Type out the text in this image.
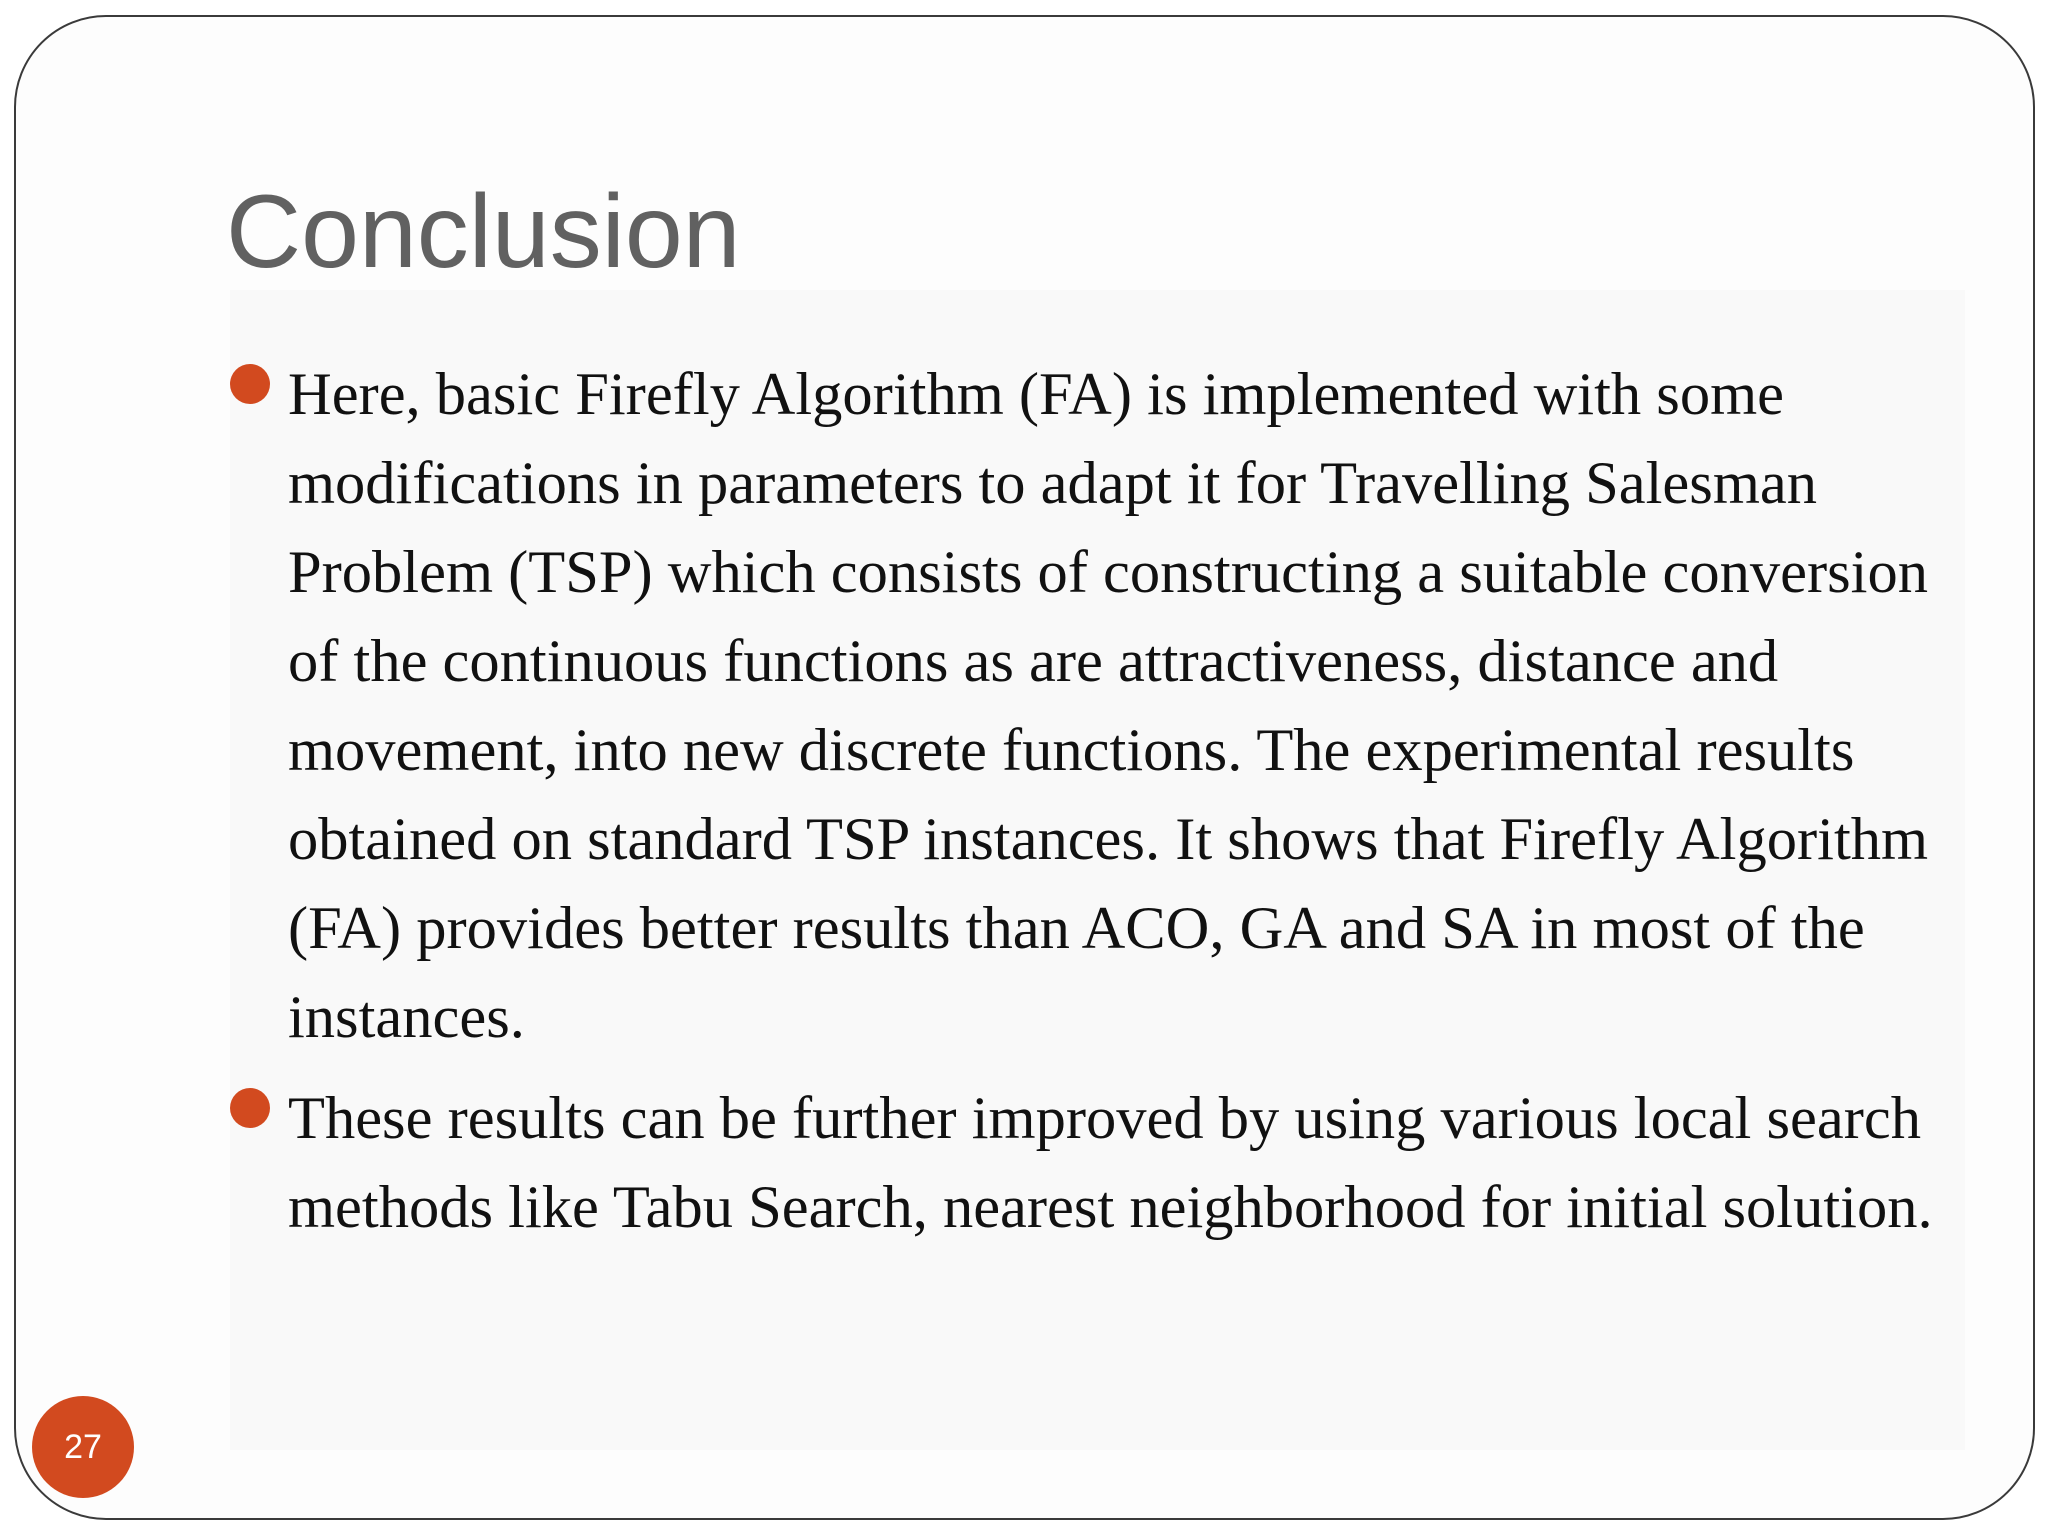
Conclusion
Here, basic Firefly Algorithm (FA) is implemented with some modifications in parameters to adapt it for Travelling Salesman Problem (TSP) which consists of constructing a suitable conversion of the continuous functions as are attractiveness, distance and movement, into new discrete functions. The experimental results obtained on standard TSP instances. It shows that Firefly Algorithm (FA) provides better results than ACO, GA and SA in most of the instances.
These results can be further improved by using various local search methods like Tabu Search, nearest neighborhood for initial solution.
27
